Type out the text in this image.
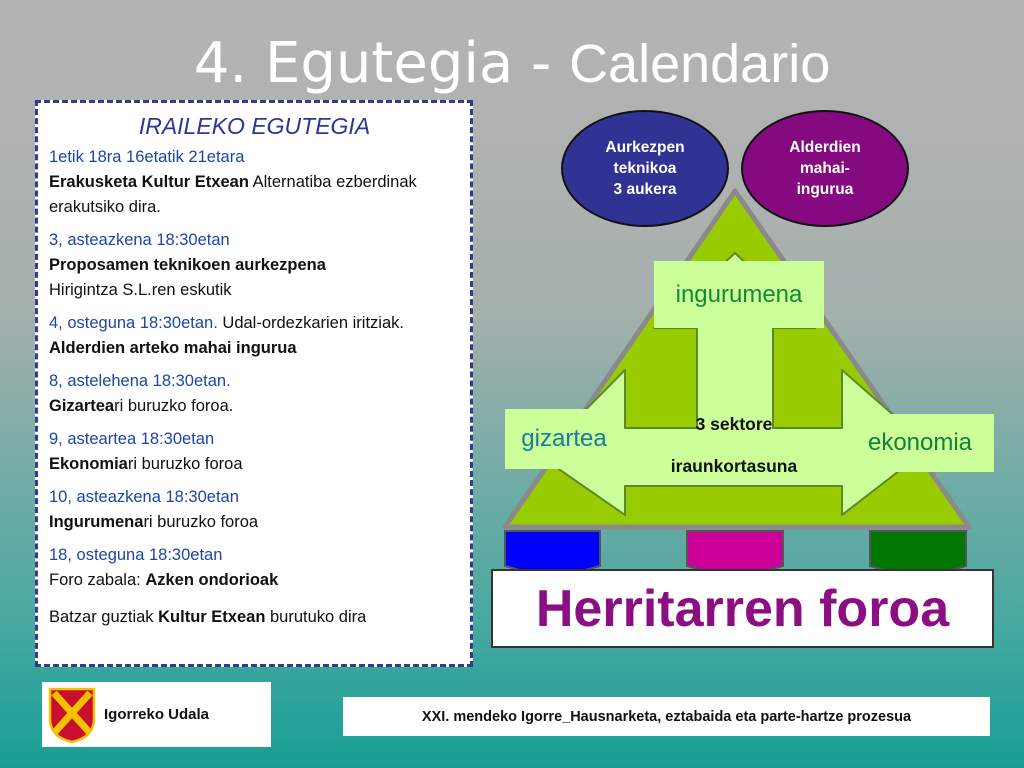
4. Egutegia - Calendario
IRAILEKO EGUTEGIA
1etik 18ra 16etatik 21etara
Erakusketa Kultur Etxean Alternatiba ezberdinak erakutsiko dira.
3, asteazkena 18:30etan
Proposamen teknikoen aurkezpena
Hirigintza S.L.ren eskutik
4, osteguna 18:30etan. Udal-ordezkarien iritziak. Alderdien arteko mahai ingurua
8, astelehena 18:30etan.
Gizarteari buruzko foroa.
9, asteartea 18:30etan
Ekonomiari buruzko foroa
10, asteazkena 18:30etan
Ingurumenari buruzko foroa
18, osteguna 18:30etan
Foro zabala: Azken ondorioak
Batzar guztiak Kultur Etxean burutuko dira
Aurkezpen
teknikoa
3 aukera
Alderdien
mahai-
ingurua
ingurumena
gizartea	ekonomia
3 sektore
iraunkortasuna
Herritarren foroa
Igorreko Udala	XXI. mendeko Igorre_Hausnarketa, eztabaida eta parte-hartze prozesua
